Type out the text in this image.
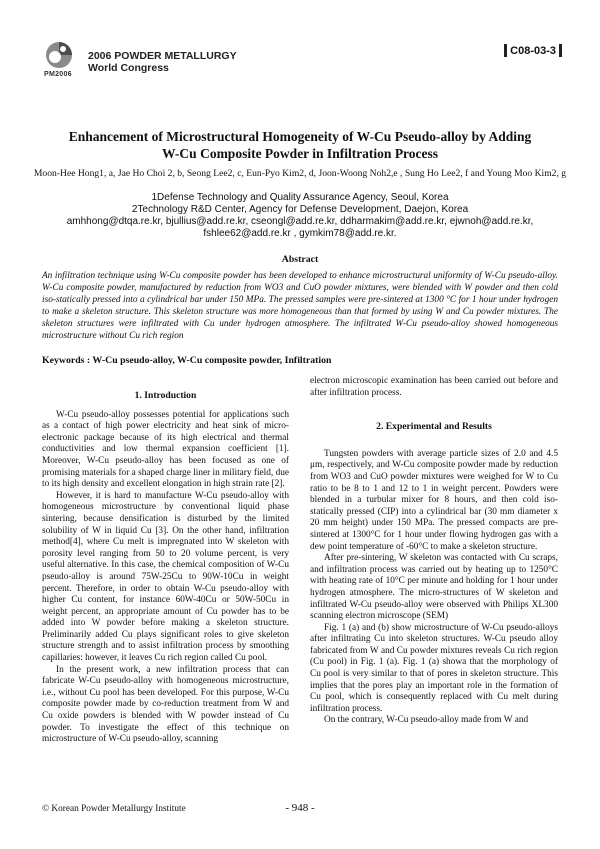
PM2006
2006 POWDER METALLURGY
World Congress
C08-03-3
Enhancement of Microstructural Homogeneity of W-Cu Pseudo-alloy by Adding
W-Cu Composite Powder in Infiltration Process
Moon-Hee Hong1, a, Jae Ho Choi 2, b, Seong Lee2, c, Eun-Pyo Kim2, d, Joon-Woong Noh2,e , Sung Ho Lee2, f and Young Moo Kim2, g
1Defense Technology and Quality Assurance Agency, Seoul, Korea
2Technology R&D Center, Agency for Defense Development, Daejon, Korea
amhhong@dtqa.re.kr, bjullius@add.re.kr, cseongl@add.re.kr, ddharmakim@add.re.kr, ejwnoh@add.re.kr,
fshlee62@add.re.kr , gymkim78@add.re.kr.
Abstract
An infiltration technique using W-Cu composite powder has been developed to enhance microstructural uniformity of W-Cu pseudo-alloy. W-Cu composite powder, manufactured by reduction from WO3 and CuO powder mixtures, were blended with W powder and then cold iso-statically pressed into a cylindrical bar under 150 MPa. The pressed samples were pre-sintered at 1300 °C for 1 hour under hydrogen to make a skeleton structure. This skeleton structure was more homogeneous than that formed by using W and Cu powder mixtures. The skeleton structures were infiltrated with Cu under hydrogen atmosphere. The infiltrated W-Cu pseudo-alloy showed homogeneous microstructure without Cu rich region
Keywords : W-Cu pseudo-alloy, W-Cu composite powder, Infiltration
1. Introduction

W-Cu pseudo-alloy possesses potential for applications such as a contact of high power electricity and heat sink of micro-electronic package because of its high electrical and thermal conductivities and low thermal expansion coefficient [1]. Moreover, W-Cu pseudo-alloy has been focused as one of promising materials for a shaped charge liner in military field, due to its high density and excellent elongation in high strain rate [2].

However, it is hard to manufacture W-Cu pseudo-alloy with homogeneous microstructure by conventional liquid phase sintering, because densification is disturbed by the limited solubility of W in liquid Cu [3]. On the other hand, infiltration method[4], where Cu melt is impregnated into W skeleton with porosity level ranging from 50 to 20 volume percent, is very useful alternative. In this case, the chemical composition of W-Cu pseudo-alloy is around 75W-25Cu to 90W-10Cu in weight percent. Therefore, in order to obtain W-Cu pseudo-alloy with higher Cu content, for instance 60W-40Cu or 50W-50Cu in weight percent, an appropriate amount of Cu powder has to be added into W powder before making a skeleton structure. Preliminarily added Cu plays significant roles to give skeleton structure strength and to assist infiltration process by smoothing capillaries: however, it leaves Cu rich region called Cu pool.

In the present work, a new infiltration process that can fabricate W-Cu pseudo-alloy with homogeneous microstructure, i.e., without Cu pool has been developed. For this purpose, W-Cu composite powder made by co-reduction treatment from W and Cu oxide powders is blended with W powder instead of Cu powder. To investigate the effect of this technique on microstructure of W-Cu pseudo-alloy, scanning

electron microscopic examination has been carried out before and after infiltration process.

2. Experimental and Results

Tungsten powders with average particle sizes of 2.0 and 4.5 μm, respectively, and W-Cu composite powder made by reduction from WO3 and CuO powder mixtures were weighed for W to Cu ratio to be 8 to 1 and 12 to 1 in weight percent. Powders were blended in a turbular mixer for 8 hours, and then cold iso-statically pressed (CIP) into a cylindrical bar (30 mm diameter x 20 mm height) under 150 MPa. The pressed compacts are pre-sintered at 1300°C for 1 hour under flowing hydrogen gas with a dew point temperature of -60°C to make a skeleton structure.

After pre-sintering, W skeleton was contacted with Cu scraps, and infiltration process was carried out by heating up to 1250°C with heating rate of 10°C per minute and holding for 1 hour under hydrogen atmosphere. The micro-structures of W skeleton and infiltrated W-Cu pseudo-alloy were observed with Philips XL300 scanning electron microscope (SEM)

Fig. 1 (a) and (b) show microstructure of W-Cu pseudo-alloys after infiltrating Cu into skeleton structures. W-Cu pseudo alloy fabricated from W and Cu powder mixtures reveals Cu rich region (Cu pool) in Fig. 1 (a). Fig. 1 (a) showa that the morphology of Cu pool is very similar to that of pores in skeleton structure. This implies that the pores play an important role in the formation of Cu pool, which is consequently replaced with Cu melt during infiltration process.

On the contrary, W-Cu pseudo-alloy made from W and

© Korean Powder Metallurgy Institute	- 948 -
